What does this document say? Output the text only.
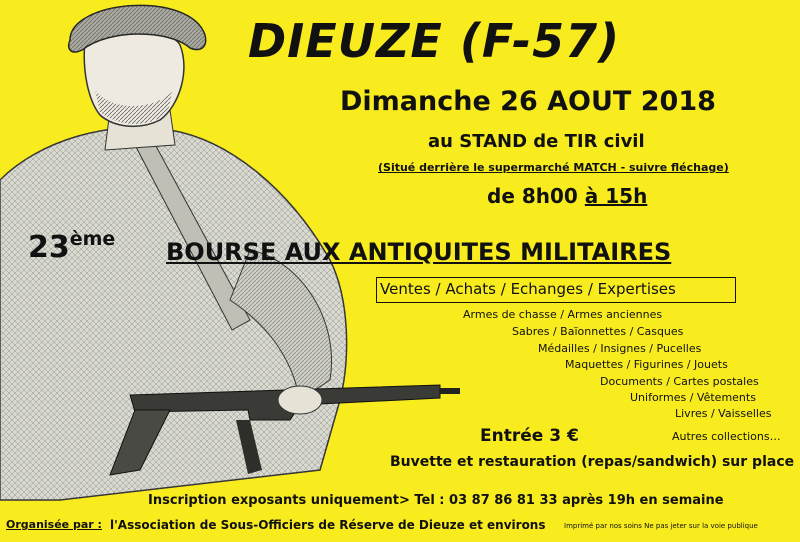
DIEUZE (F-57)
Dimanche 26 AOUT 2018
au STAND de TIR civil
(Situé derrière le supermarché MATCH - suivre fléchage)
de 8h00 à 15h
23ème BOURSE AUX ANTIQUITES MILITAIRES
Ventes / Achats / Echanges / Expertises
Armes de chasse / Armes anciennes
Sabres / Baïonnettes / Casques
Médailles / Insignes / Pucelles
Maquettes / Figurines / Jouets
Documents / Cartes postales
Uniformes / Vêtements
Livres / Vaisselles
Entrée 3 €	Autres collections…
Buvette et restauration (repas/sandwich) sur place
Inscription exposants uniquement> Tel : 03 87 86 81 33 après 19h en semaine
Organisée par : l'Association de Sous-Officiers de Réserve de Dieuze et environs	Imprimé par nos soins Ne pas jeter sur la voie publique
